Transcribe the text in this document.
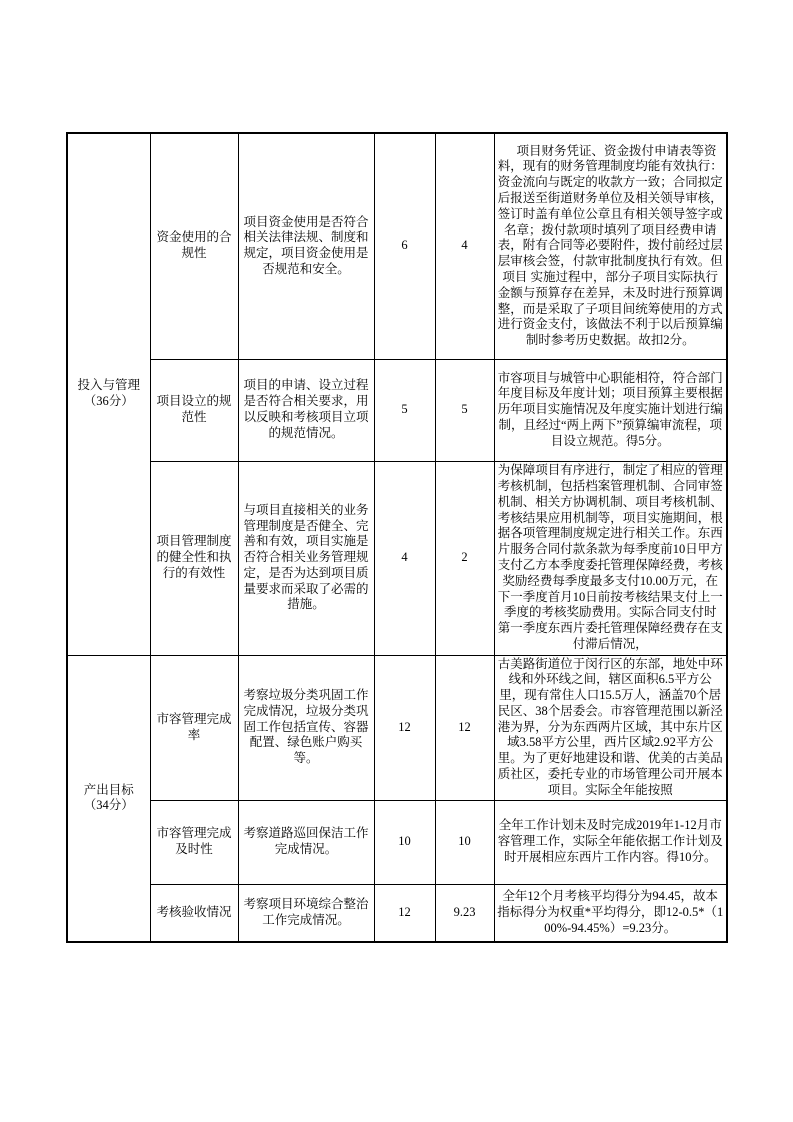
投入与管理
（36分）	资金使用的合规性	项目资金使用是否符合相关法律法规、制度和规定，项目资金使用是否规范和安全。	6	4	　项目财务凭证、资金拨付申请表等资料，现有的财务管理制度均能有效执行：资金流向与既定的收款方一致；合同拟定后报送至街道财务单位及相关领导审核，签订时盖有单位公章且有相关领导签字或名章；拨付款项时填列了项目经费申请表，附有合同等必要附件，拨付前经过层层审核会签，付款审批制度执行有效。但项目 实施过程中，部分子项目实际执行金额与预算存在差异，未及时进行预算调整，而是采取了子项目间统筹使用的方式进行资金支付，该做法不利于以后预算编制时参考历史数据。故扣2分。
	项目设立的规范性	项目的申请、设立过程是否符合相关要求，用以反映和考核项目立项的规范情况。	5	5	市容项目与城管中心职能相符，符合部门年度目标及年度计划；项目预算主要根据历年项目实施情况及年度实施计划进行编制，且经过“两上两下”预算编审流程，项目设立规范。得5分。
	项目管理制度的健全性和执行的有效性	与项目直接相关的业务管理制度是否健全、完善和有效，项目实施是否符合相关业务管理规定，是否为达到项目质量要求而采取了必需的措施。	4	2	为保障项目有序进行，制定了相应的管理考核机制，包括档案管理机制、合同审签机制、相关方协调机制、项目考核机制、考核结果应用机制等，项目实施期间，根据各项管理制度规定进行相关工作。东西片服务合同付款条款为每季度前10日甲方支付乙方本季度委托管理保障经费，考核奖励经费每季度最多支付10.00万元，在下一季度首月10日前按考核结果支付上一季度的考核奖励费用。实际合同支付时 第一季度东西片委托管理保障经费存在支付滞后情况，

产出目标
（34分）	市容管理完成率	考察垃圾分类巩固工作完成情况，垃圾分类巩固工作包括宣传、容器配置、绿色账户购买等。	12	12	古美路街道位于闵行区的东部，地处中环线和外环线之间，辖区面积6.5平方公里，现有常住人口15.5万人，涵盖70个居民区、38个居委会。市容管理范围以新泾港为界，分为东西两片区域，其中东片区域3.58平方公里，西片区域2.92平方公里。为了更好地建设和谐、优美的古美品质社区，委托专业的市场管理公司开展本项目。实际全年能按照
	市容管理完成及时性	考察道路巡回保洁工作完成情况。	10	10	全年工作计划未及时完成2019年1-12月市容管理工作，实际全年能依据工作计划及时开展相应东西片工作内容。得10分。
	考核验收情况	考察项目环境综合整治工作完成情况。	12	9.23	全年12个月考核平均得分为94.45，故本指标得分为权重*平均得分，即12-0.5*（100%-94.45%）=9.23分。
